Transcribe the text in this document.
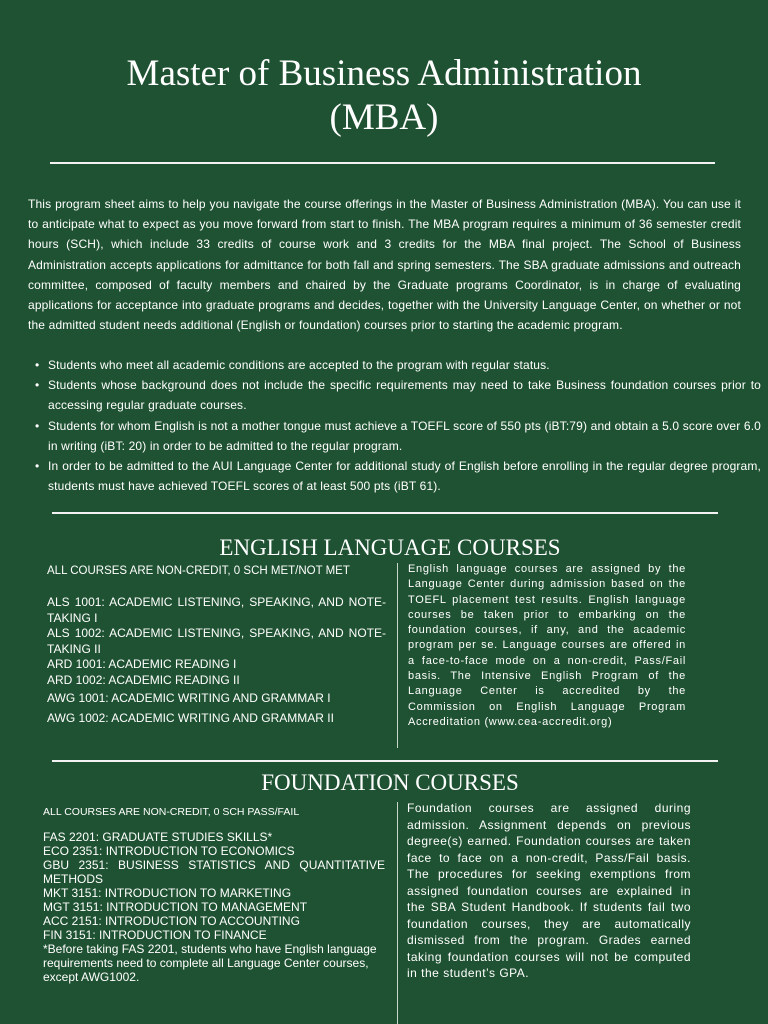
Master of Business Administration
(MBA)

This program sheet aims to help you navigate the course offerings in the Master of Business Administration (MBA). You can use it to anticipate what to expect as you move forward from start to finish. The MBA program requires a minimum of 36 semester credit hours (SCH), which include 33 credits of course work and 3 credits for the MBA final project. The School of Business Administration accepts applications for admittance for both fall and spring semesters. The SBA graduate admissions and outreach committee, composed of faculty members and chaired by the Graduate programs Coordinator, is in charge of evaluating applications for acceptance into graduate programs and decides, together with the University Language Center, on whether or not the admitted student needs additional (English or foundation) courses prior to starting the academic program.

• Students who meet all academic conditions are accepted to the program with regular status.
• Students whose background does not include the specific requirements may need to take Business foundation courses prior to accessing regular graduate courses.
• Students for whom English is not a mother tongue must achieve a TOEFL score of 550 pts (iBT:79) and obtain a 5.0 score over 6.0 in writing (iBT: 20) in order to be admitted to the regular program.
• In order to be admitted to the AUI Language Center for additional study of English before enrolling in the regular degree program, students must have achieved TOEFL scores of at least 500 pts (iBT 61).
ENGLISH LANGUAGE COURSES

ALL COURSES ARE NON-CREDIT, 0 SCH MET/NOT MET

ALS 1001: ACADEMIC LISTENING, SPEAKING, AND NOTE-TAKING I
ALS 1002: ACADEMIC LISTENING, SPEAKING, AND NOTE-TAKING II
ARD 1001: ACADEMIC READING I
ARD 1002: ACADEMIC READING II
AWG 1001: ACADEMIC WRITING AND GRAMMAR I
AWG 1002: ACADEMIC WRITING AND GRAMMAR II

English language courses are assigned by the Language Center during admission based on the TOEFL placement test results. English language courses be taken prior to embarking on the foundation courses, if any, and the academic program per se. Language courses are offered in a face-to-face mode on a non-credit, Pass/Fail basis. The Intensive English Program of the Language Center is accredited by the Commission on English Language Program Accreditation (www.cea-accredit.org)

FOUNDATION COURSES

ALL COURSES ARE NON-CREDIT, 0 SCH PASS/FAIL

FAS 2201: GRADUATE STUDIES SKILLS*
ECO 2351: INTRODUCTION TO ECONOMICS
GBU 2351: BUSINESS STATISTICS AND QUANTITATIVE METHODS
MKT 3151: INTRODUCTION TO MARKETING
MGT 3151: INTRODUCTION TO MANAGEMENT
ACC 2151: INTRODUCTION TO ACCOUNTING
FIN 3151: INTRODUCTION TO FINANCE
*Before taking FAS 2201, students who have English language requirements need to complete all Language Center courses, except AWG1002.

Foundation courses are assigned during admission. Assignment depends on previous degree(s) earned. Foundation courses are taken face to face on a non-credit, Pass/Fail basis. The procedures for seeking exemptions from assigned foundation courses are explained in the SBA Student Handbook. If students fail two foundation courses, they are automatically dismissed from the program. Grades earned taking foundation courses will not be computed in the student’s GPA.
